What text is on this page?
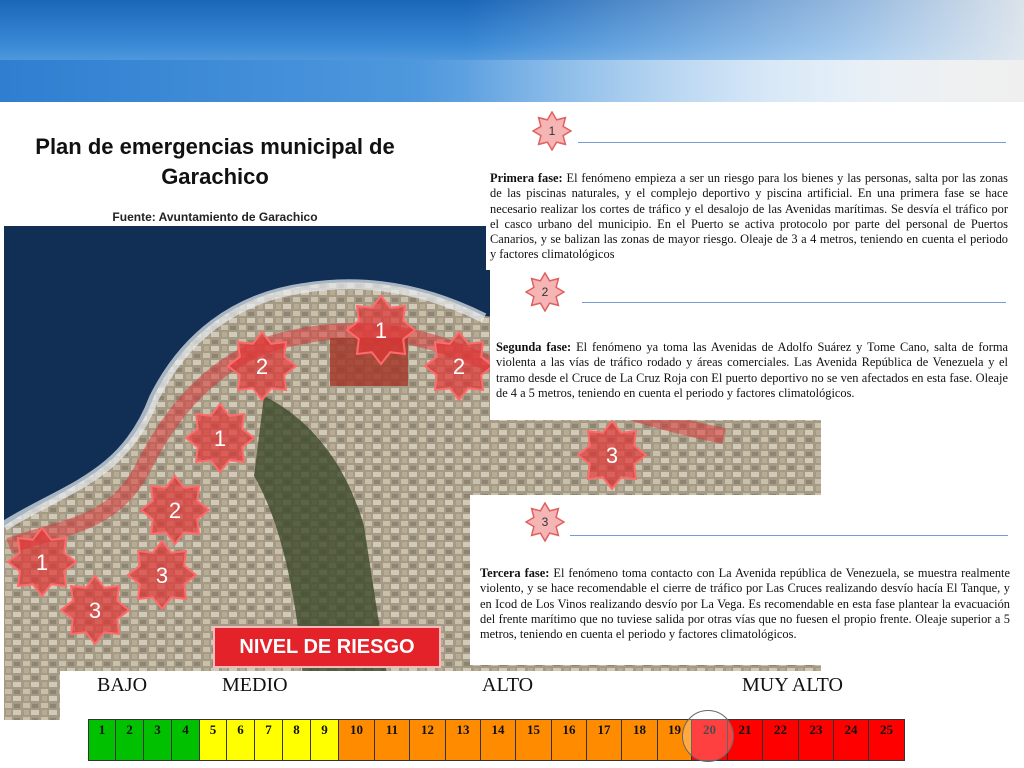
Plan de emergencias municipal de Garachico
Fuente: Avuntamiento de Garachico
1
2	2
1
2
3
1
3
3
1
Primera fase: El fenómeno empieza a ser un riesgo para los bienes y las personas, salta por las zonas de las piscinas naturales, y el complejo deportivo y piscina artificial. En una primera fase se hace necesario realizar los cortes de tráfico y el desalojo de las Avenidas marítimas. Se desvía el tráfico por el casco urbano del municipio. En el Puerto se activa protocolo por parte del personal de Puertos Canarios, y se balizan las zonas de mayor riesgo. Oleaje de 3 a 4 metros, teniendo en cuenta el periodo y factores climatológicos
2
Segunda fase: El fenómeno ya toma las Avenidas de Adolfo Suárez y Tome Cano, salta de forma violenta a las vías de tráfico rodado y áreas comerciales. Las Avenida República de Venezuela y el tramo desde el Cruce de La Cruz Roja con El puerto deportivo no se ven afectados en esta fase. Oleaje de 4 a 5 metros, teniendo en cuenta el periodo y factores climatológicos.
3
Tercera fase: El fenómeno toma contacto con La Avenida república de Venezuela, se muestra realmente violento, y se hace recomendable el cierre de tráfico por Las Cruces realizando desvío hacía El Tanque, y en Icod de Los Vinos realizando desvío por La Vega. Es recomendable en esta fase plantear la evacuación del frente marítimo que no tuviese salida por otras vías que no fuesen el propio frente. Oleaje superior a 5 metros, teniendo en cuenta el periodo y factores climatológicos.
NIVEL DE RIESGO
BAJO	MEDIO	ALTO	MUY ALTO
1	2	3	4	5	6	7	8	9	10	11	12	13	14	15	16	17	18	19	20	21	22	23	24	25
